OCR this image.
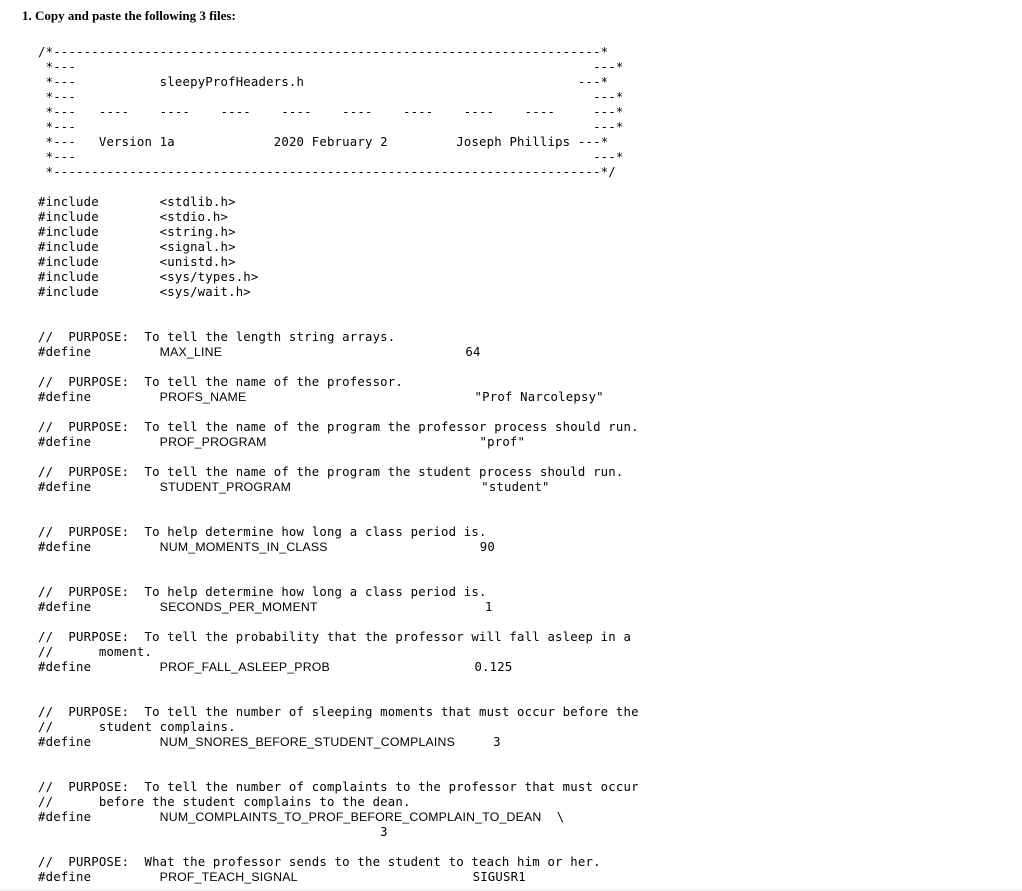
1. Copy and paste the following 3 files:
/*------------------------------------------------------------------------*
*---	---*
*---	sleepyProfHeaders.h	---*
*---	---*
*--- ----    ----    ----    ----    ----    ----    ----    ----	---*
*---	---*
*--- Version 1a	2020 February 2	Joseph Phillips ---*
*---	---*
*------------------------------------------------------------------------*/

#include	<stdlib.h>
#include	<stdio.h>
#include	<string.h>
#include	<signal.h>
#include	<unistd.h>
#include	<sys/types.h>
#include	<sys/wait.h>

//  PURPOSE: To tell the length string arrays.
#define	MAX_LINE	64

//  PURPOSE: To tell the name of the professor.
#define	PROFS_NAME	"Prof Narcolepsy"

//  PURPOSE: To tell the name of the program the professor process should run.
#define	PROF_PROGRAM	"prof"

//  PURPOSE: To tell the name of the program the student process should run.
#define	STUDENT_PROGRAM	"student"

//  PURPOSE: To help determine how long a class period is.
#define	NUM_MOMENTS_IN_CLASS	90

//  PURPOSE: To help determine how long a class period is.
#define	SECONDS_PER_MOMENT	1

//  PURPOSE: To tell the probability that the professor will fall asleep in a
//	moment.
#define	PROF_FALL_ASLEEP_PROB	0.125

//  PURPOSE: To tell the number of sleeping moments that must occur before the
//	student complains.
#define	NUM_SNORES_BEFORE_STUDENT_COMPLAINS	3

//  PURPOSE: To tell the number of complaints to the professor that must occur
//	before the student complains to the dean.
#define	NUM_COMPLAINTS_TO_PROF_BEFORE_COMPLAIN_TO_DEAN \
3

//  PURPOSE: What the professor sends to the student to teach him or her.
#define	PROF_TEACH_SIGNAL	SIGUSR1
